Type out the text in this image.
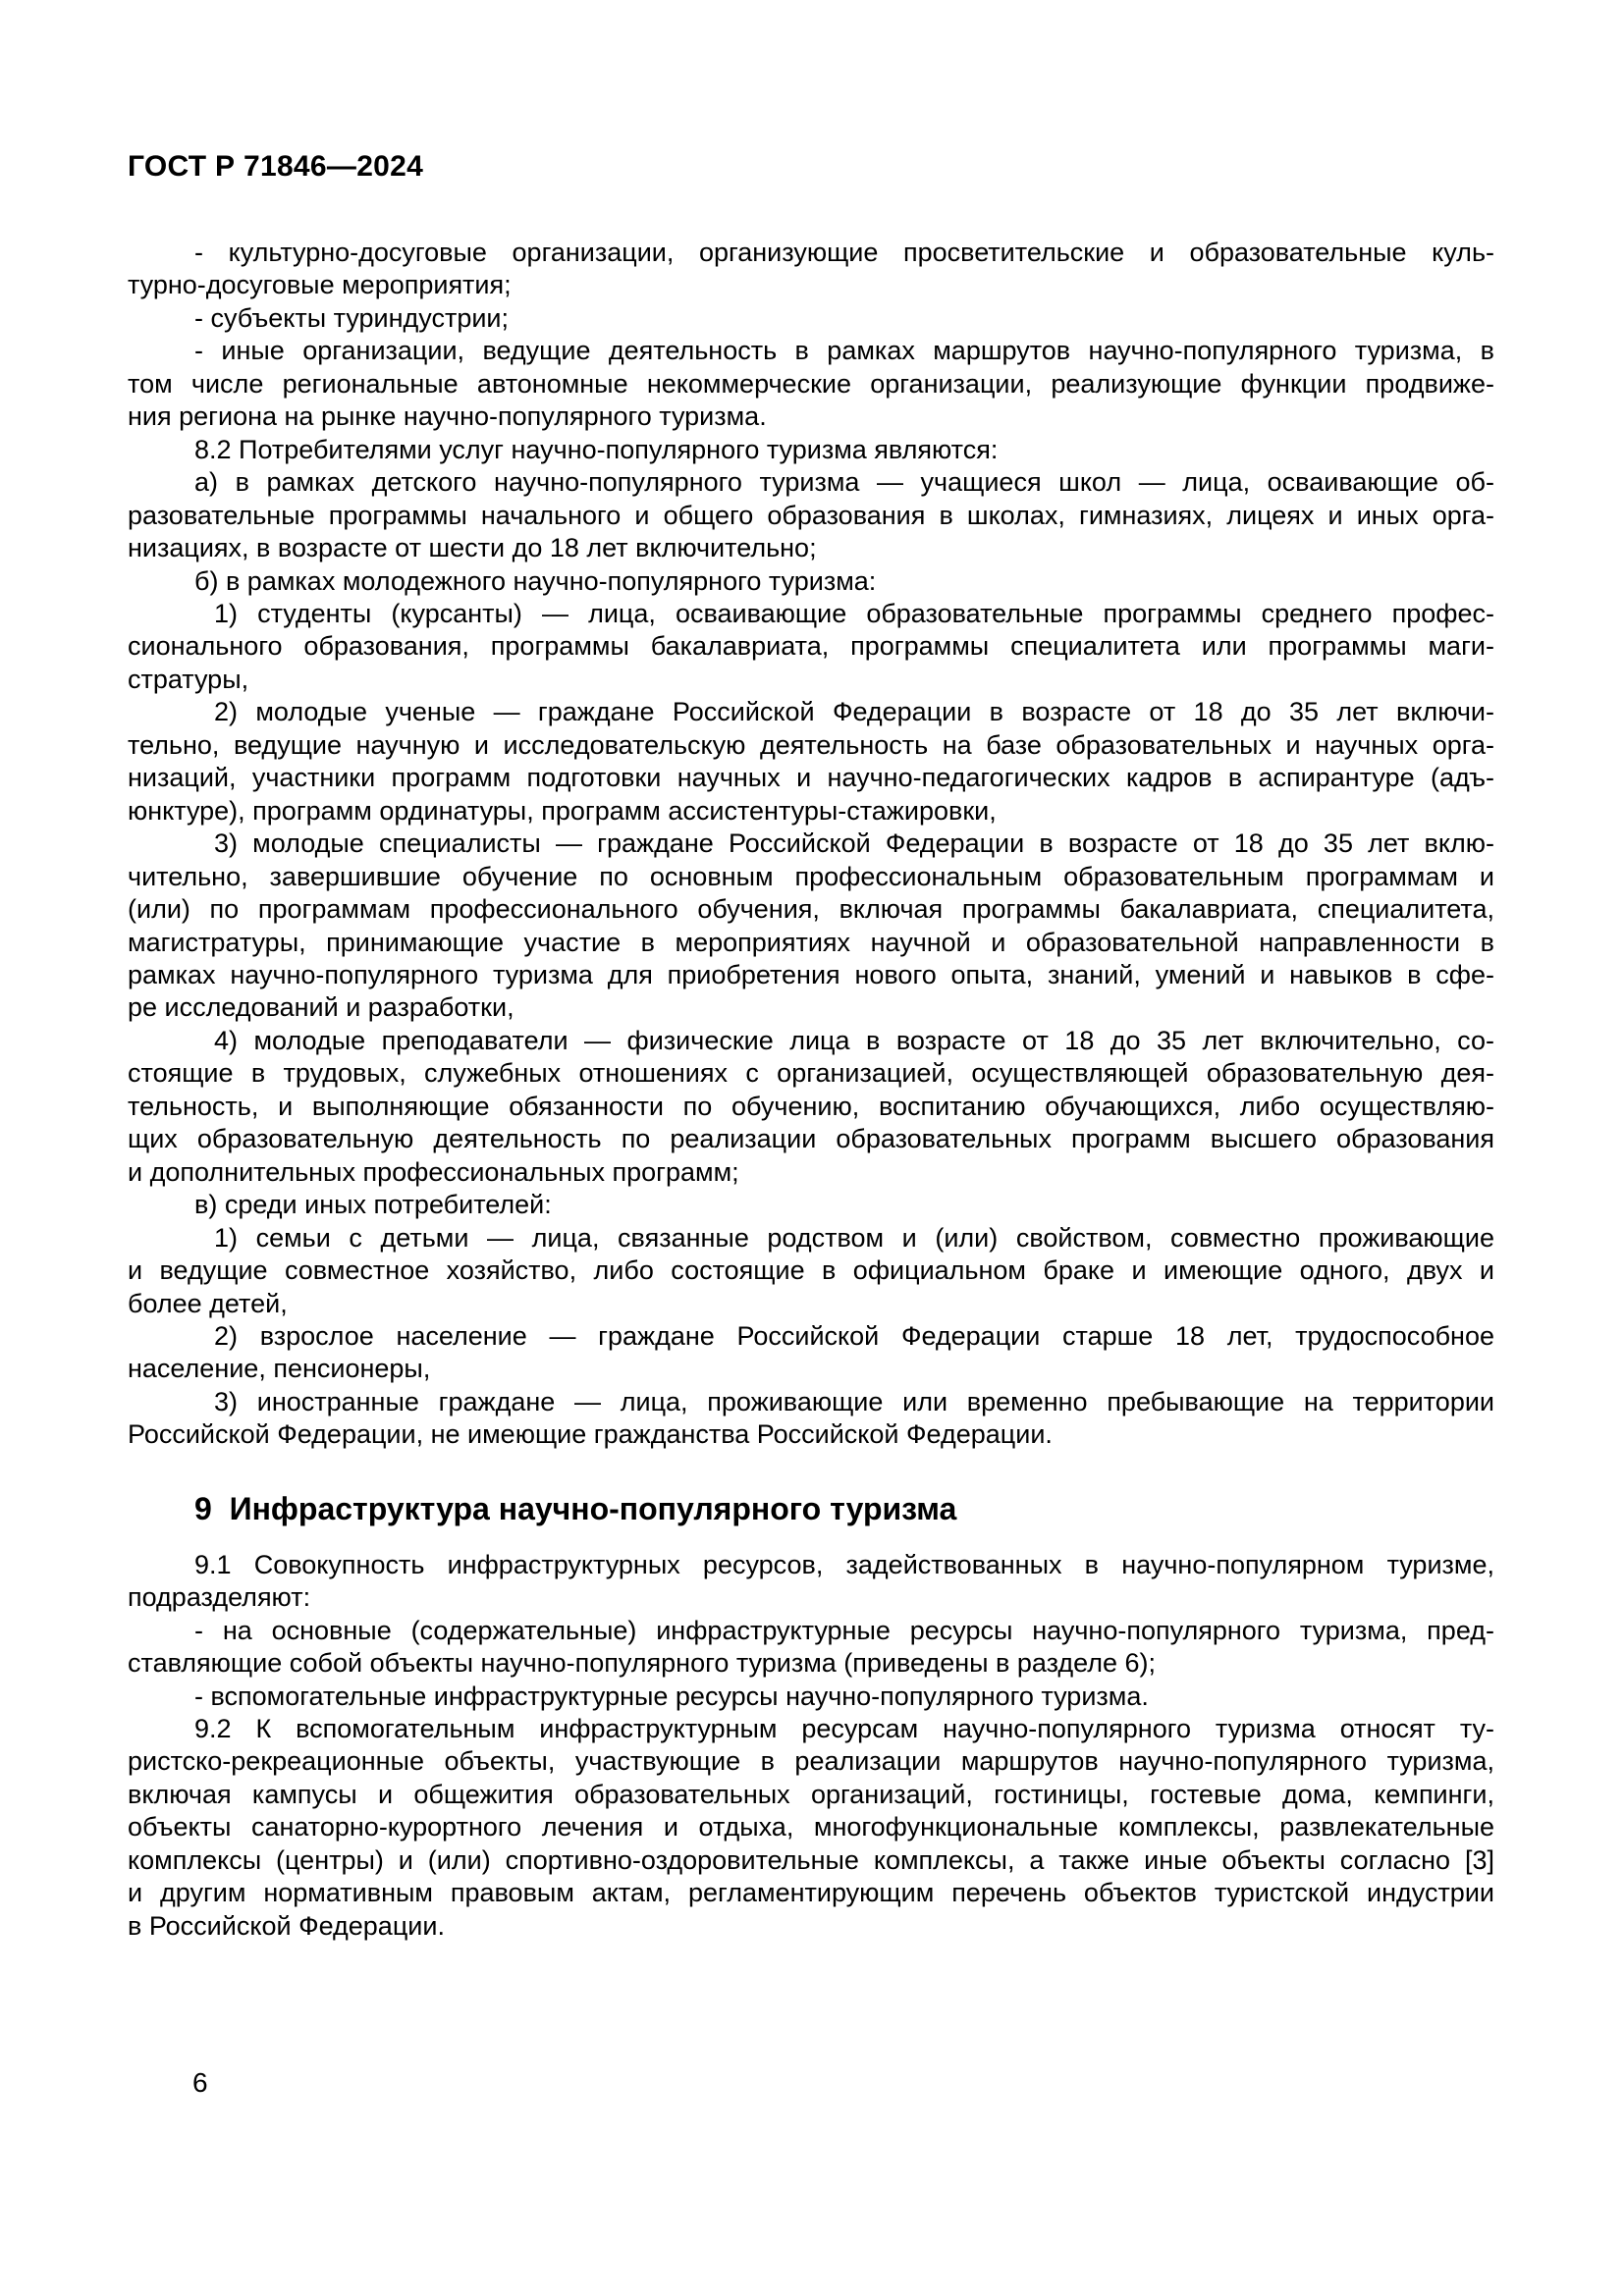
ГОСТ Р 71846—2024
- культурно-досуговые организации, организующие просветительские и образовательные куль-
турно-досуговые мероприятия;
- субъекты туриндустрии;
- иные организации, ведущие деятельность в рамках маршрутов научно-популярного туризма, в
том числе региональные автономные некоммерческие организации, реализующие функции продвиже-
ния региона на рынке научно-популярного туризма.
8.2 Потребителями услуг научно-популярного туризма являются:
а) в рамках детского научно-популярного туризма — учащиеся школ — лица, осваивающие об-
разовательные программы начального и общего образования в школах, гимназиях, лицеях и иных орга-
низациях, в возрасте от шести до 18 лет включительно;
б) в рамках молодежного научно-популярного туризма:
1) студенты (курсанты) — лица, осваивающие образовательные программы среднего профес-
сионального образования, программы бакалавриата, программы специалитета или программы маги-
стратуры,
2) молодые ученые — граждане Российской Федерации в возрасте от 18 до 35 лет включи-
тельно, ведущие научную и исследовательскую деятельность на базе образовательных и научных орга-
низаций, участники программ подготовки научных и научно-педагогических кадров в аспирантуре (адъ-
юнктуре), программ ординатуры, программ ассистентуры-стажировки,
3) молодые специалисты — граждане Российской Федерации в возрасте от 18 до 35 лет вклю-
чительно, завершившие обучение по основным профессиональным образовательным программам и
(или) по программам профессионального обучения, включая программы бакалавриата, специалитета,
магистратуры, принимающие участие в мероприятиях научной и образовательной направленности в
рамках научно-популярного туризма для приобретения нового опыта, знаний, умений и навыков в сфе-
ре исследований и разработки,
4) молодые преподаватели — физические лица в возрасте от 18 до 35 лет включительно, со-
стоящие в трудовых, служебных отношениях с организацией, осуществляющей образовательную дея-
тельность, и выполняющие обязанности по обучению, воспитанию обучающихся, либо осуществляю-
щих образовательную деятельность по реализации образовательных программ высшего образования
и дополнительных профессиональных программ;
в) среди иных потребителей:
1) семьи с детьми — лица, связанные родством и (или) свойством, совместно проживающие
и ведущие совместное хозяйство, либо состоящие в официальном браке и имеющие одного, двух и
более детей,
2) взрослое население — граждане Российской Федерации старше 18 лет, трудоспособное
население, пенсионеры,
3) иностранные граждане — лица, проживающие или временно пребывающие на территории
Российской Федерации, не имеющие гражданства Российской Федерации.
9  Инфраструктура научно-популярного туризма
9.1 Совокупность инфраструктурных ресурсов, задействованных в научно-популярном туризме,
подразделяют:
- на основные (содержательные) инфраструктурные ресурсы научно-популярного туризма, пред-
ставляющие собой объекты научно-популярного туризма (приведены в разделе 6);
- вспомогательные инфраструктурные ресурсы научно-популярного туризма.
9.2 К вспомогательным инфраструктурным ресурсам научно-популярного туризма относят ту-
ристско-рекреационные объекты, участвующие в реализации маршрутов научно-популярного туризма,
включая кампусы и общежития образовательных организаций, гостиницы, гостевые дома, кемпинги,
объекты санаторно-курортного лечения и отдыха, многофункциональные комплексы, развлекательные
комплексы (центры) и (или) спортивно-оздоровительные комплексы, а также иные объекты согласно [3]
и другим нормативным правовым актам, регламентирующим перечень объектов туристской индустрии
в Российской Федерации.
6
